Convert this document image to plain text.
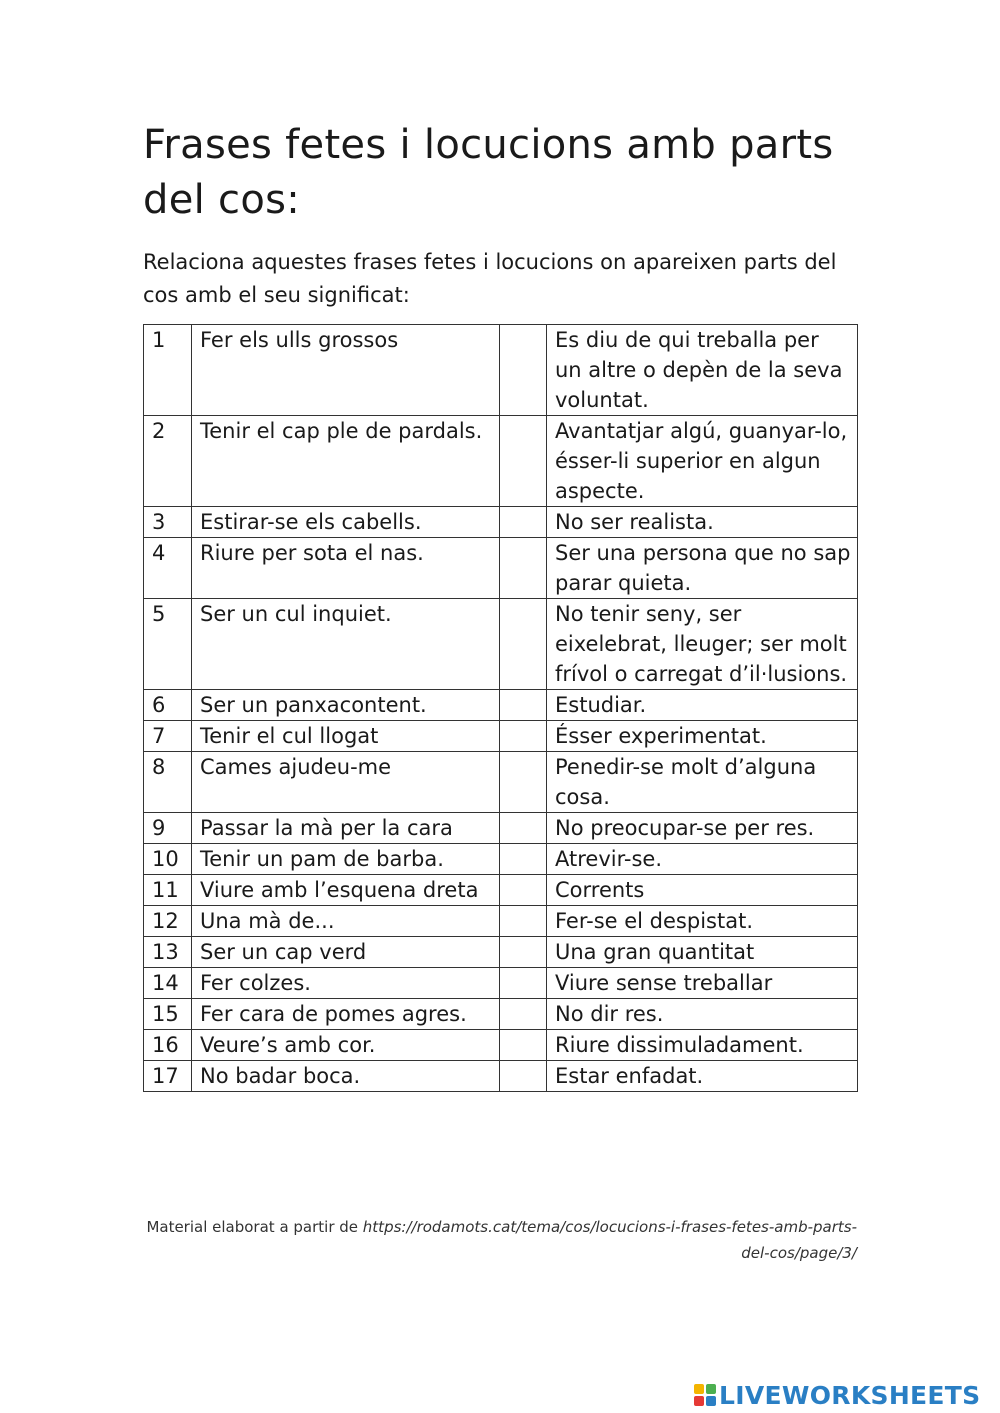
Frases fetes i locucions amb parts del cos:

Relaciona aquestes frases fetes i locucions on apareixen parts del cos amb el seu significat:

1	Fer els ulls grossos		Es diu de qui treballa per un altre o depèn de la seva voluntat.
2	Tenir el cap ple de pardals.		Avantatjar algú, guanyar-lo, ésser-li superior en algun aspecte.
3	Estirar-se els cabells.		No ser realista.
4	Riure per sota el nas.		Ser una persona que no sap parar quieta.
5	Ser un cul inquiet.		No tenir seny, ser eixelebrat, lleuger; ser molt frívol o carregat d’il·lusions.
6	Ser un panxacontent.		Estudiar.
7	Tenir el cul llogat		Ésser experimentat.
8	Cames ajudeu-me		Penedir-se molt d’alguna cosa.
9	Passar la mà per la cara		No preocupar-se per res.
10	Tenir un pam de barba.		Atrevir-se.
11	Viure amb l’esquena dreta		Corrents
12	Una mà de...		Fer-se el despistat.
13	Ser un cap verd		Una gran quantitat
14	Fer colzes.		Viure sense treballar
15	Fer cara de pomes agres.		No dir res.
16	Veure’s amb cor.		Riure dissimuladament.
17	No badar boca.		Estar enfadat.
Material elaborat a partir de https://rodamots.cat/tema/cos/locucions-i-frases-fetes-amb-parts-del-cos/page/3/
LIVEWORKSHEETS
